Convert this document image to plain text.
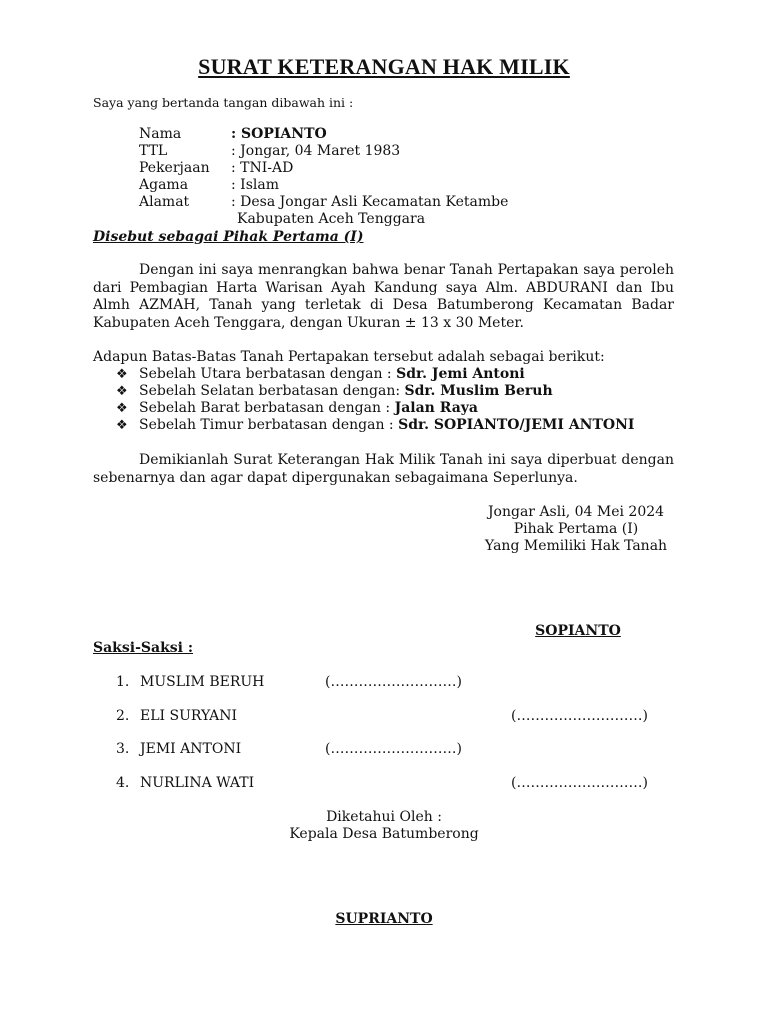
SURAT KETERANGAN HAK MILIK
Saya yang bertanda tangan dibawah ini :
Nama	: SOPIANTO
TTL	: Jongar, 04 Maret 1983
Pekerjaan : TNI-AD
Agama	: Islam
Alamat	: Desa Jongar Asli Kecamatan Ketambe
Kabupaten Aceh Tenggara
Disebut sebagai Pihak Pertama (I)
Dengan ini saya menrangkan bahwa benar Tanah Pertapakan saya peroleh dari Pembagian Harta Warisan Ayah Kandung saya Alm. ABDURANI dan Ibu Almh AZMAH, Tanah yang terletak di Desa Batumberong Kecamatan Badar Kabupaten Aceh Tenggara, dengan Ukuran ± 13 x 30 Meter.
Adapun Batas-Batas Tanah Pertapakan tersebut adalah sebagai berikut:
❖ Sebelah Utara berbatasan dengan : Sdr. Jemi Antoni
❖ Sebelah Selatan berbatasan dengan: Sdr. Muslim Beruh
❖ Sebelah Barat berbatasan dengan : Jalan Raya
❖ Sebelah Timur berbatasan dengan : Sdr. SOPIANTO/JEMI ANTONI
Demikianlah Surat Keterangan Hak Milik Tanah ini saya diperbuat dengan sebenarnya dan agar dapat dipergunakan sebagaimana Seperlunya.
Jongar Asli, 04 Mei 2024
Pihak Pertama (I)
Yang Memiliki Hak Tanah
SOPIANTO
Saksi-Saksi :
1. MUSLIM BERUH	(………………………)
2. ELI SURYANI	(………………………)
3. JEMI ANTONI	(………………………)
4. NURLINA WATI	(………………………)
Diketahui Oleh :
Kepala Desa Batumberong
SUPRIANTO
